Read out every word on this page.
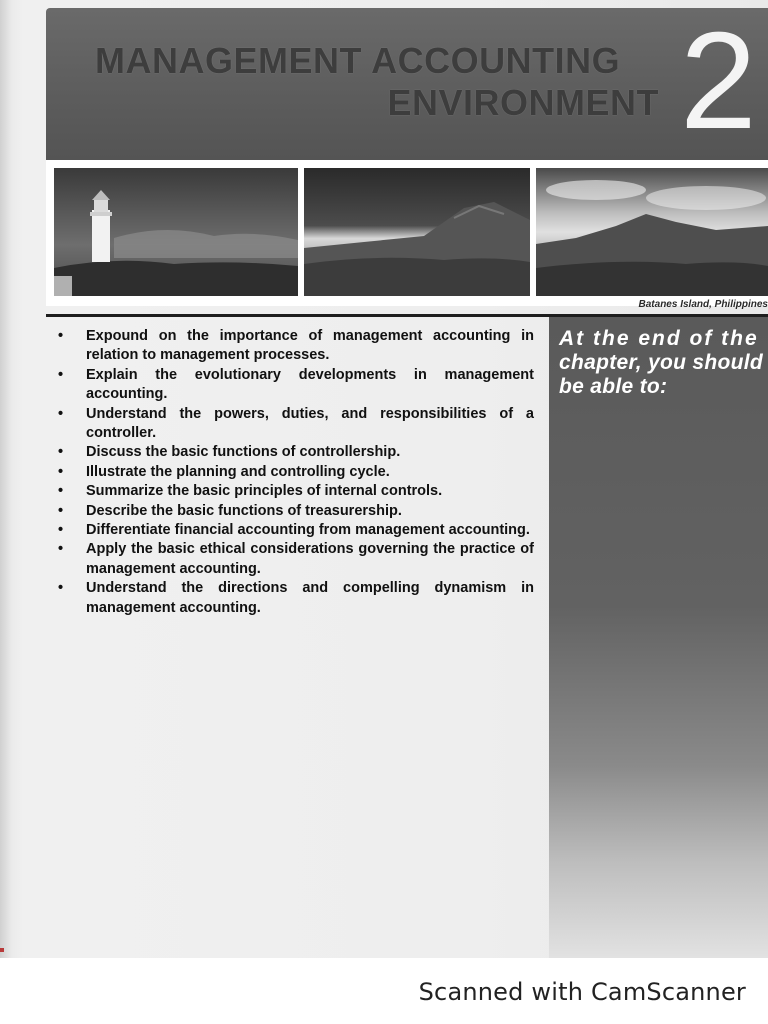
MANAGEMENT ACCOUNTING
ENVIRONMENT 2
Batanes Island, Philippines
•	Expound on the importance of management accounting in relation to management processes.
•	Explain the evolutionary developments in management accounting.
•	Understand the powers, duties, and responsibilities of a controller.
•	Discuss the basic functions of controllership.
•	Illustrate the planning and controlling cycle.
•	Summarize the basic principles of internal controls.
•	Describe the basic functions of treasurership.
•	Differentiate financial accounting from management accounting.
•	Apply the basic ethical considerations governing the practice of management accounting.
•	Understand the directions and compelling dynamism in management accounting.

At the end of the
chapter, you should
be able to:

Scanned with CamScanner
